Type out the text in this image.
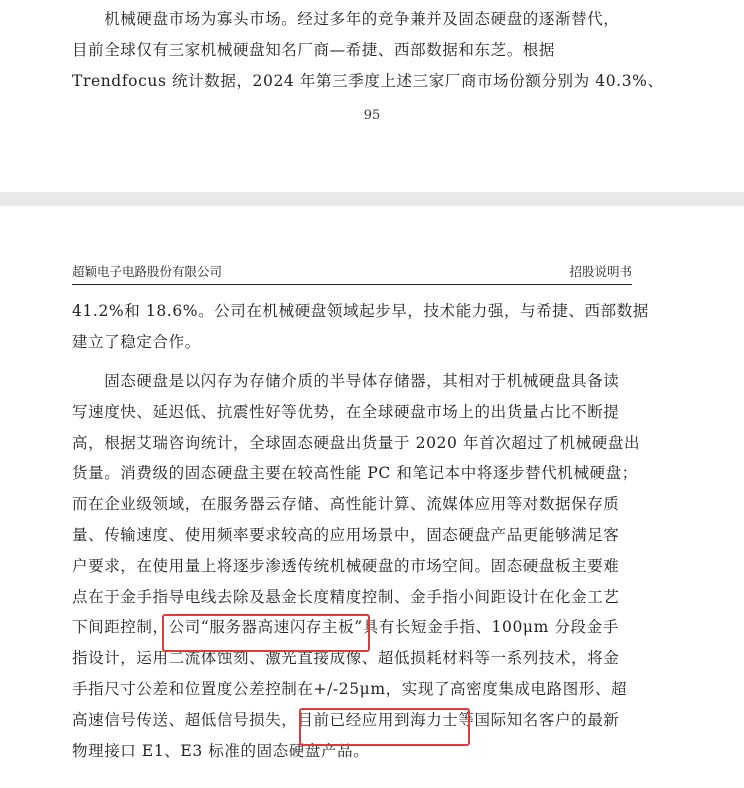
　　机械硬盘市场为寡头市场。经过多年的竞争兼并及固态硬盘的逐渐替代，
目前全球仅有三家机械硬盘知名厂商—希捷、西部数据和东芝。根据
Trendfocus 统计数据，2024 年第三季度上述三家厂商市场份额分别为 40.3%、
95
超颖电子电路股份有限公司	招股说明书
41.2%和 18.6%。公司在机械硬盘领域起步早，技术能力强，与希捷、西部数据
建立了稳定合作。
　　固态硬盘是以闪存为存储介质的半导体存储器，其相对于机械硬盘具备读
写速度快、延迟低、抗震性好等优势，在全球硬盘市场上的出货量占比不断提
高，根据艾瑞咨询统计，全球固态硬盘出货量于 2020 年首次超过了机械硬盘出
货量。消费级的固态硬盘主要在较高性能 PC 和笔记本中将逐步替代机械硬盘；
而在企业级领域，在服务器云存储、高性能计算、流媒体应用等对数据保存质
量、传输速度、使用频率要求较高的应用场景中，固态硬盘产品更能够满足客
户要求，在使用量上将逐步渗透传统机械硬盘的市场空间。固态硬盘板主要难
点在于金手指导电线去除及悬金长度精度控制、金手指小间距设计在化金工艺
下间距控制，公司“服务器高速闪存主板”具有长短金手指、100μm 分段金手
指设计，运用二流体蚀刻、激光直接成像、超低损耗材料等一系列技术，将金
手指尺寸公差和位置度公差控制在+/-25μm，实现了高密度集成电路图形、超
高速信号传送、超低信号损失，目前已经应用到海力士等国际知名客户的最新
物理接口 E1、E3 标准的固态硬盘产品。
